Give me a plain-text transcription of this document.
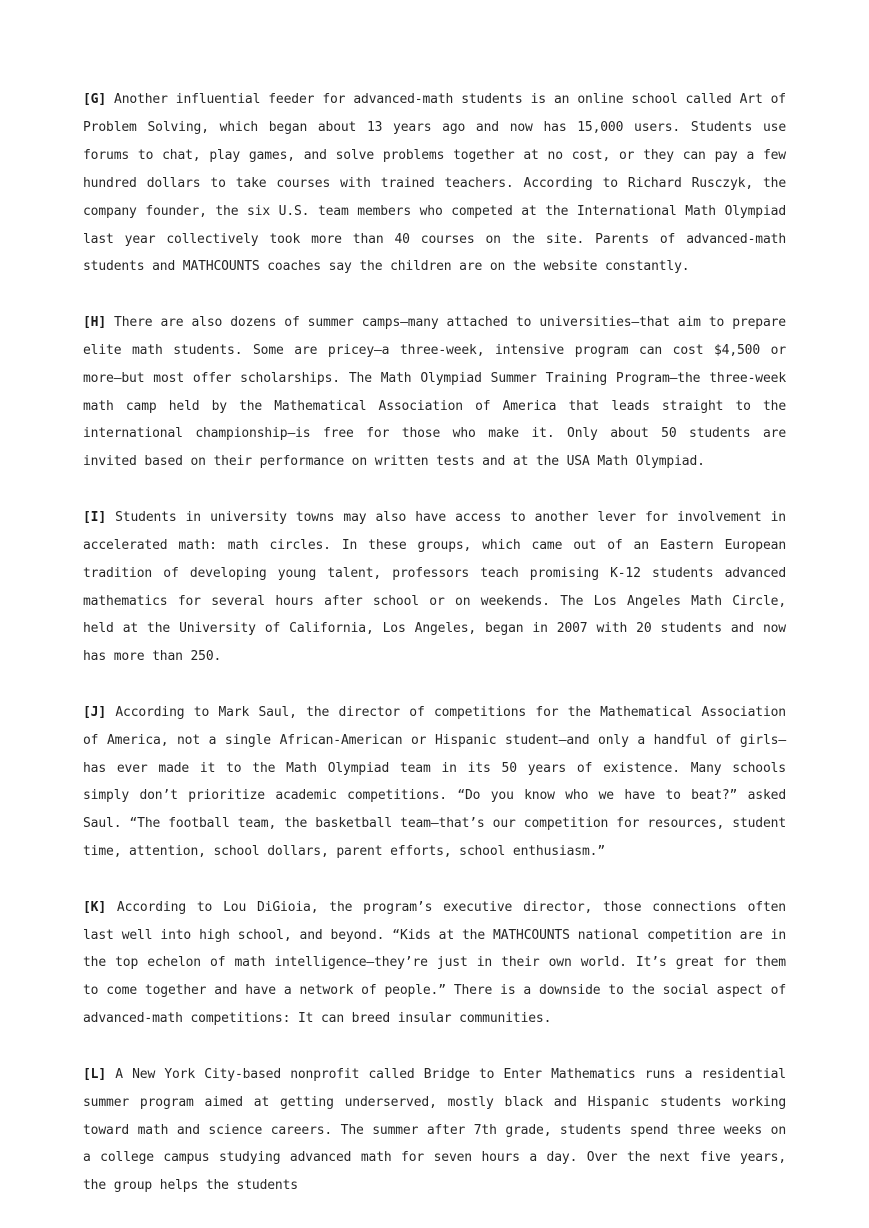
[G] Another influential feeder for advanced-math students is an online school called Art of Problem Solving, which began about 13 years ago and now has 15,000 users. Students use forums to chat, play games, and solve problems together at no cost, or they can pay a few hundred dollars to take courses with trained teachers. According to Richard Rusczyk, the company founder, the six U.S. team members who competed at the International Math Olympiad last year collectively took more than 40 courses on the site. Parents of advanced-math students and MATHCOUNTS coaches say the children are on the website constantly.

[H] There are also dozens of summer camps—many attached to universities—that aim to prepare elite math students. Some are pricey—a three-week, intensive program can cost $4,500 or more—but most offer scholarships. The Math Olympiad Summer Training Program—the three-week math camp held by the Mathematical Association of America that leads straight to the international championship—is free for those who make it. Only about 50 students are invited based on their performance on written tests and at the USA Math Olympiad.

[I] Students in university towns may also have access to another lever for involvement in accelerated math: math circles. In these groups, which came out of an Eastern European tradition of developing young talent, professors teach promising K-12 students advanced mathematics for several hours after school or on weekends. The Los Angeles Math Circle, held at the University of California, Los Angeles, began in 2007 with 20 students and now has more than 250.

[J] According to Mark Saul, the director of competitions for the Mathematical Association of America, not a single African-American or Hispanic student—and only a handful of girls—has ever made it to the Math Olympiad team in its 50 years of existence. Many schools simply don’t prioritize academic competitions. “Do you know who we have to beat?” asked Saul. “The football team, the basketball team—that’s our competition for resources, student time, attention, school dollars, parent efforts, school enthusiasm.”

[K] According to Lou DiGioia, the program’s executive director, those connections often last well into high school, and beyond. “Kids at the MATHCOUNTS national competition are in the top echelon of math intelligence—they’re just in their own world. It’s great for them to come together and have a network of people.” There is a downside to the social aspect of advanced-math competitions: It can breed insular communities.

[L] A New York City-based nonprofit called Bridge to Enter Mathematics runs a residential summer program aimed at getting underserved, mostly black and Hispanic students working toward math and science careers. The summer after 7th grade, students spend three weeks on a college campus studying advanced math for seven hours a day. Over the next five years, the group helps the students
